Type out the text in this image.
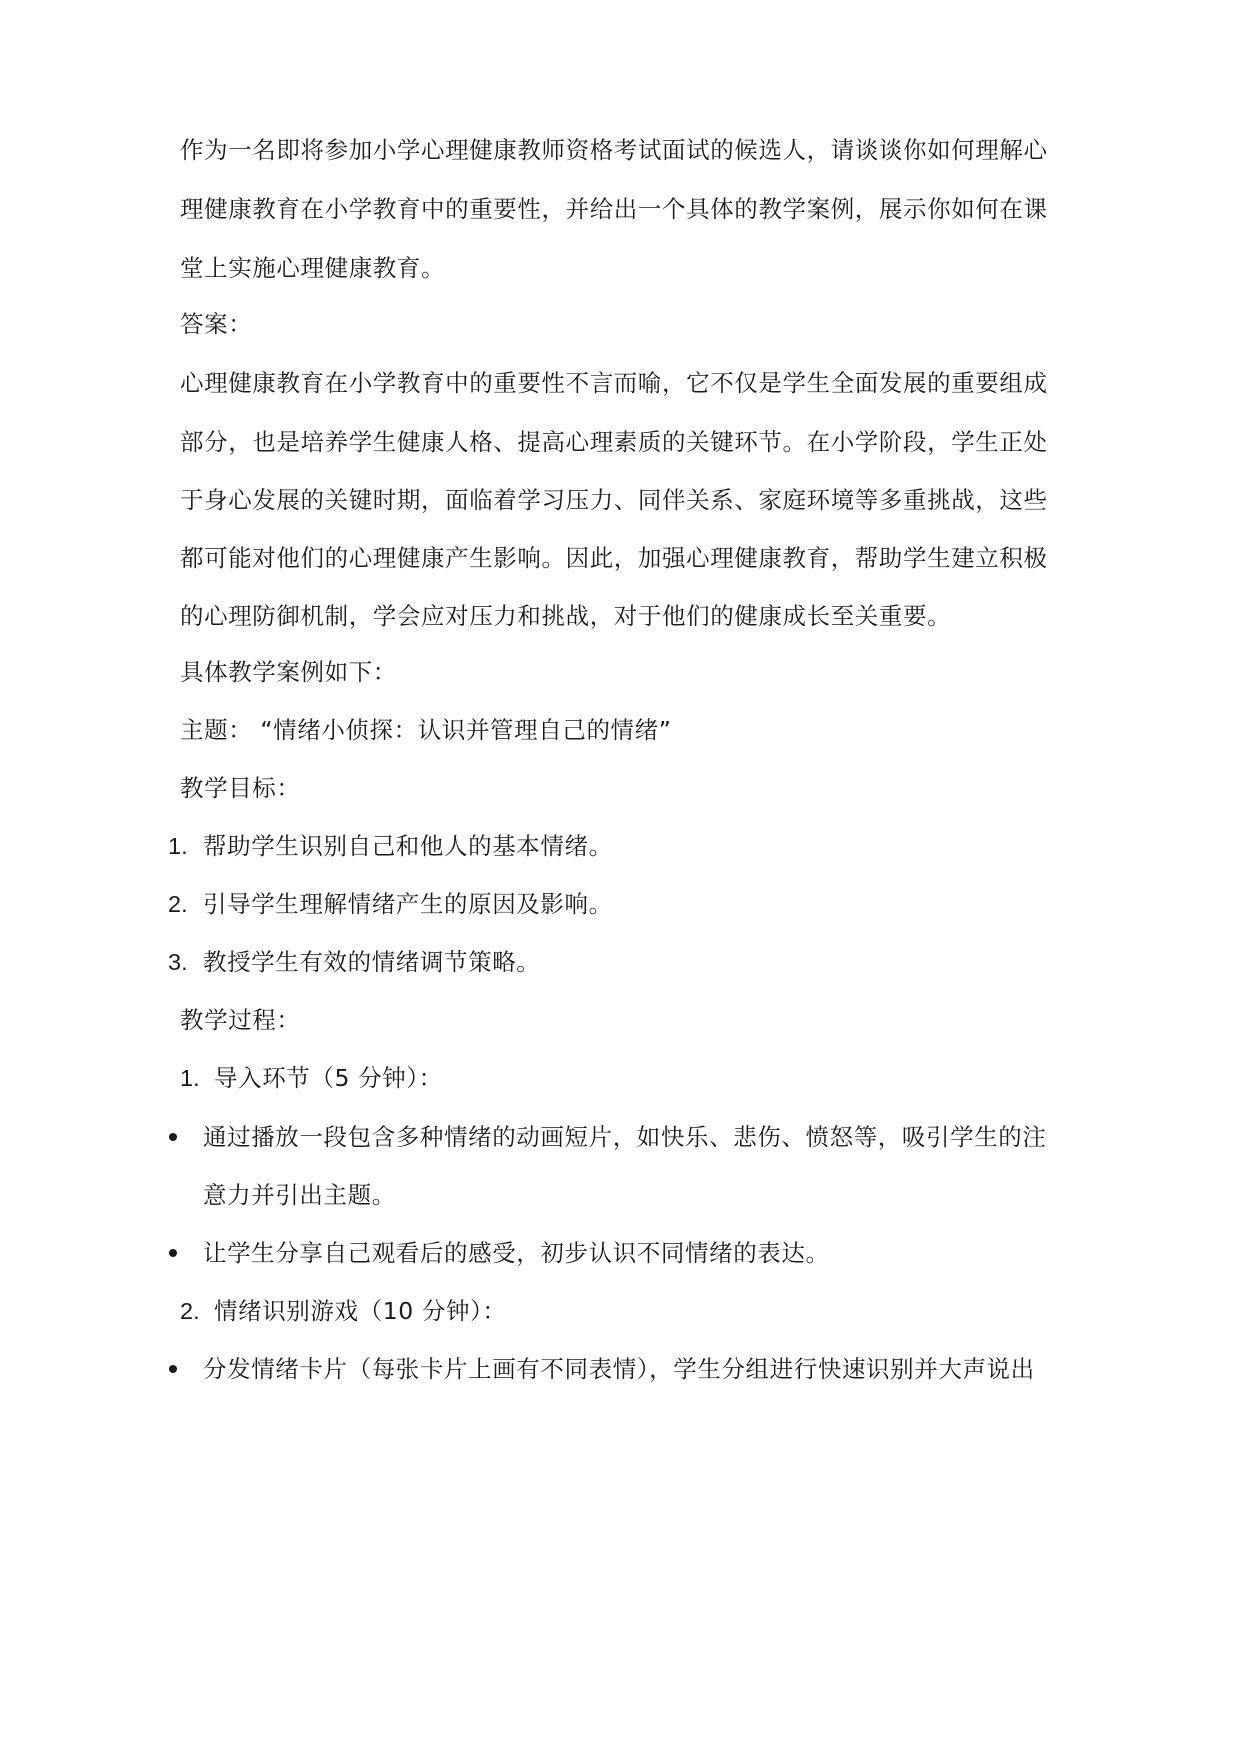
作为一名即将参加小学心理健康教师资格考试面试的候选人，请谈谈你如何理解心
理健康教育在小学教育中的重要性，并给出一个具体的教学案例，展示你如何在课
堂上实施心理健康教育。
答案：
心理健康教育在小学教育中的重要性不言而喻，它不仅是学生全面发展的重要组成
部分，也是培养学生健康人格、提高心理素质的关键环节。在小学阶段，学生正处
于身心发展的关键时期，面临着学习压力、同伴关系、家庭环境等多重挑战，这些
都可能对他们的心理健康产生影响。因此，加强心理健康教育，帮助学生建立积极
的心理防御机制，学会应对压力和挑战，对于他们的健康成长至关重要。
具体教学案例如下：
主题： “情绪小侦探：认识并管理自己的情绪”
教学目标：
1. 帮助学生识别自己和他人的基本情绪。
2. 引导学生理解情绪产生的原因及影响。
3. 教授学生有效的情绪调节策略。
教学过程：
1. 导入环节（5 分钟）：
通过播放一段包含多种情绪的动画短片，如快乐、悲伤、愤怒等，吸引学生的注
意力并引出主题。
让学生分享自己观看后的感受，初步认识不同情绪的表达。
2. 情绪识别游戏（10 分钟）：
分发情绪卡片（每张卡片上画有不同表情），学生分组进行快速识别并大声说出
